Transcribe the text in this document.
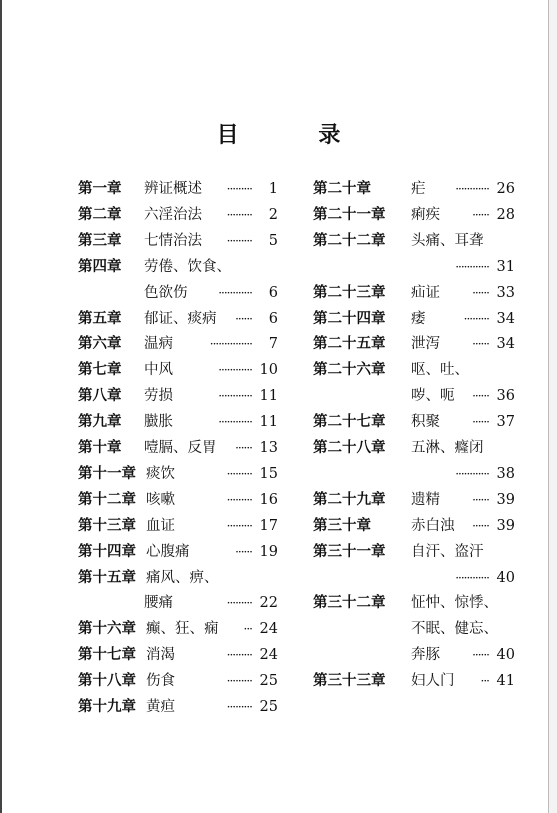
目 录
第一章 辨证概述	·········	1
第二章 六淫治法	·········	2
第三章 七情治法	·········	5
第四章 劳倦、饮食、
色欲伤	············	6
第五章 郁证、痰病	······	6
第六章 温病	···············	7
第七章 中风	············ 10
第八章 劳损	············ 11
第九章 臌胀	············ 11
第十章 噎膈、反胃	······ 13
第十一章 痰饮	········· 15
第十二章 咳嗽	········· 16
第十三章 血证	········· 17
第十四章 心腹痛	······ 19
第十五章 痛风、痹、
腰痛	········· 22
第十六章 癫、狂、痫	··· 24
第十七章 消渴	········· 24
第十八章 伤食	········· 25
第十九章 黄疸	········· 25
第二十章	疟	············ 26
第二十一章 痢疾	······ 28
第二十二章 头痛、耳聋
············ 31
第二十三章 疝证	······ 33
第二十四章 痿	········· 34
第二十五章 泄泻	······ 34
第二十六章 呕、吐、
哕、呃	······ 36
第二十七章 积聚	······ 37
第二十八章 五淋、癃闭
············ 38
第二十九章 遗精	······ 39
第三十章	赤白浊	······ 39
第三十一章 自汗、盗汗
············ 40
第三十二章 怔忡、惊悸、
不眠、健忘、
奔豚	······ 40
第三十三章 妇人门	··· 41
